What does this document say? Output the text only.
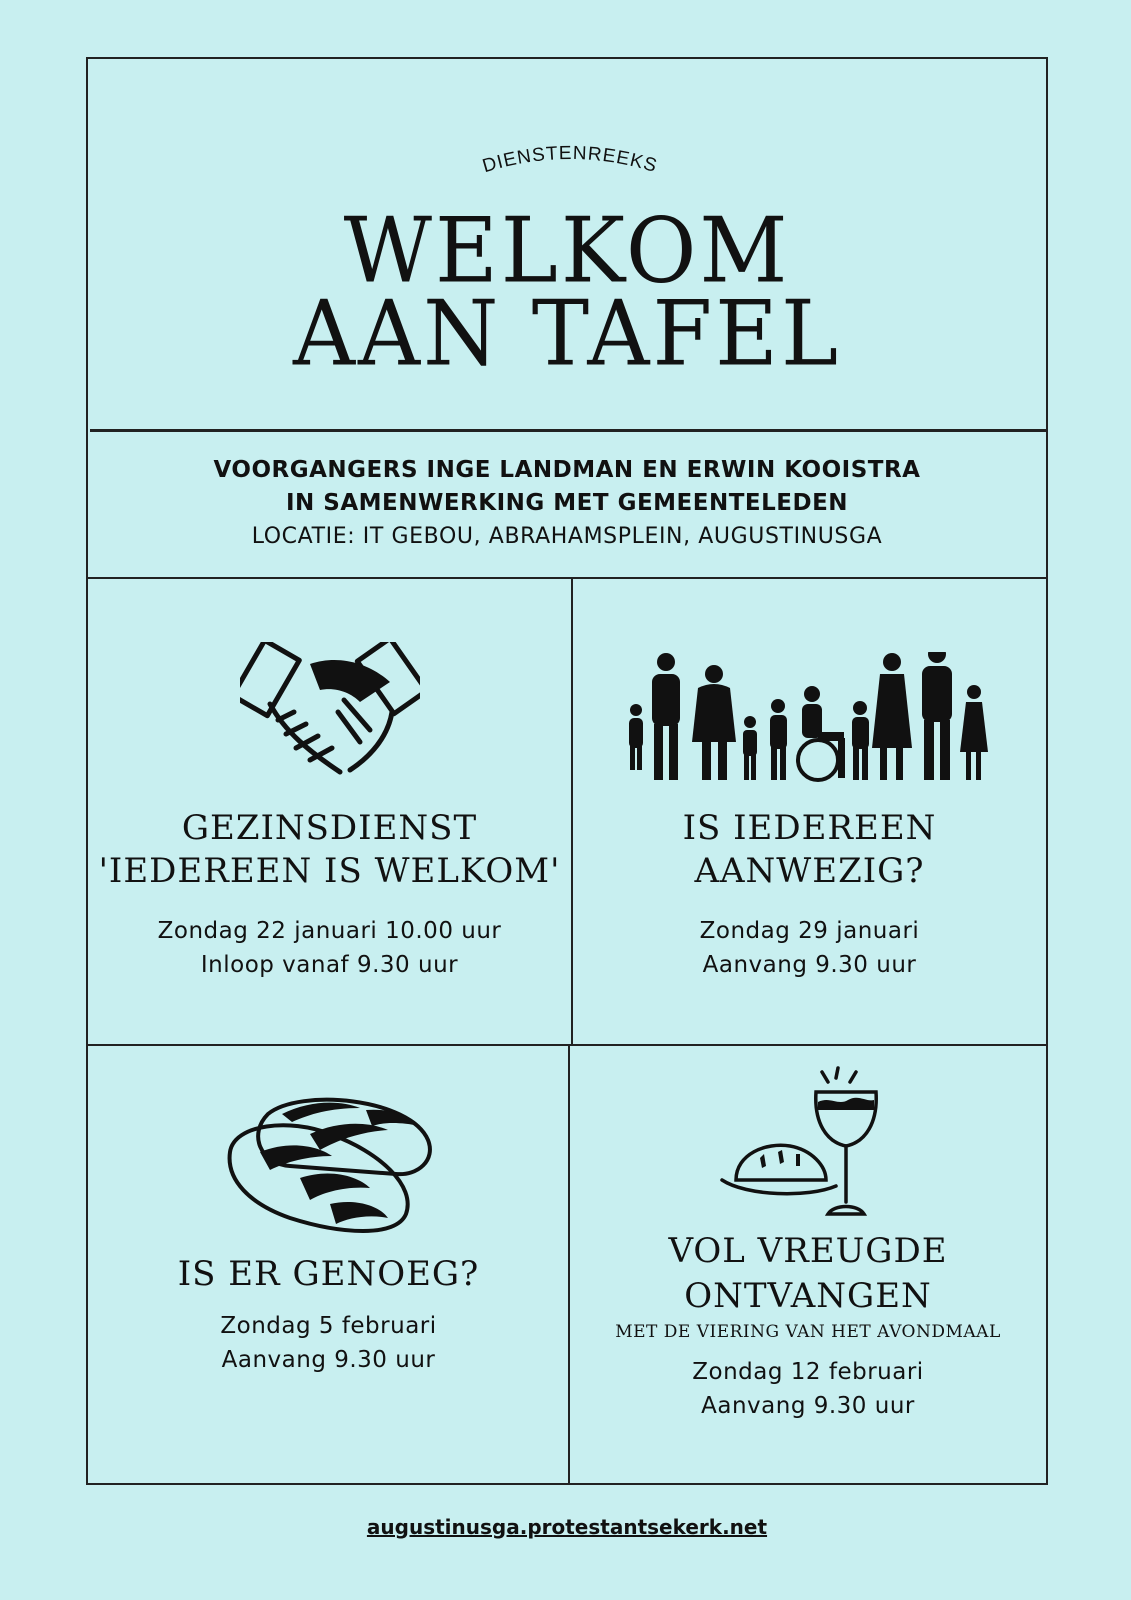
DIENSTENREEKS
WELKOM
AAN TAFEL
VOORGANGERS INGE LANDMAN EN ERWIN KOOISTRA
IN SAMENWERKING MET GEMEENTELEDEN
LOCATIE: IT GEBOU, ABRAHAMSPLEIN, AUGUSTINUSGA
GEZINSDIENST
'IEDEREEN IS WELKOM'
Zondag 22 januari 10.00 uur
Inloop vanaf 9.30 uur
IS IEDEREEN
AANWEZIG?
Zondag 29 januari
Aanvang 9.30 uur
IS ER GENOEG?
Zondag 5 februari
Aanvang 9.30 uur
VOL VREUGDE
ONTVANGEN
MET DE VIERING VAN HET AVONDMAAL
Zondag 12 februari
Aanvang 9.30 uur
augustinusga.protestantsekerk.net
